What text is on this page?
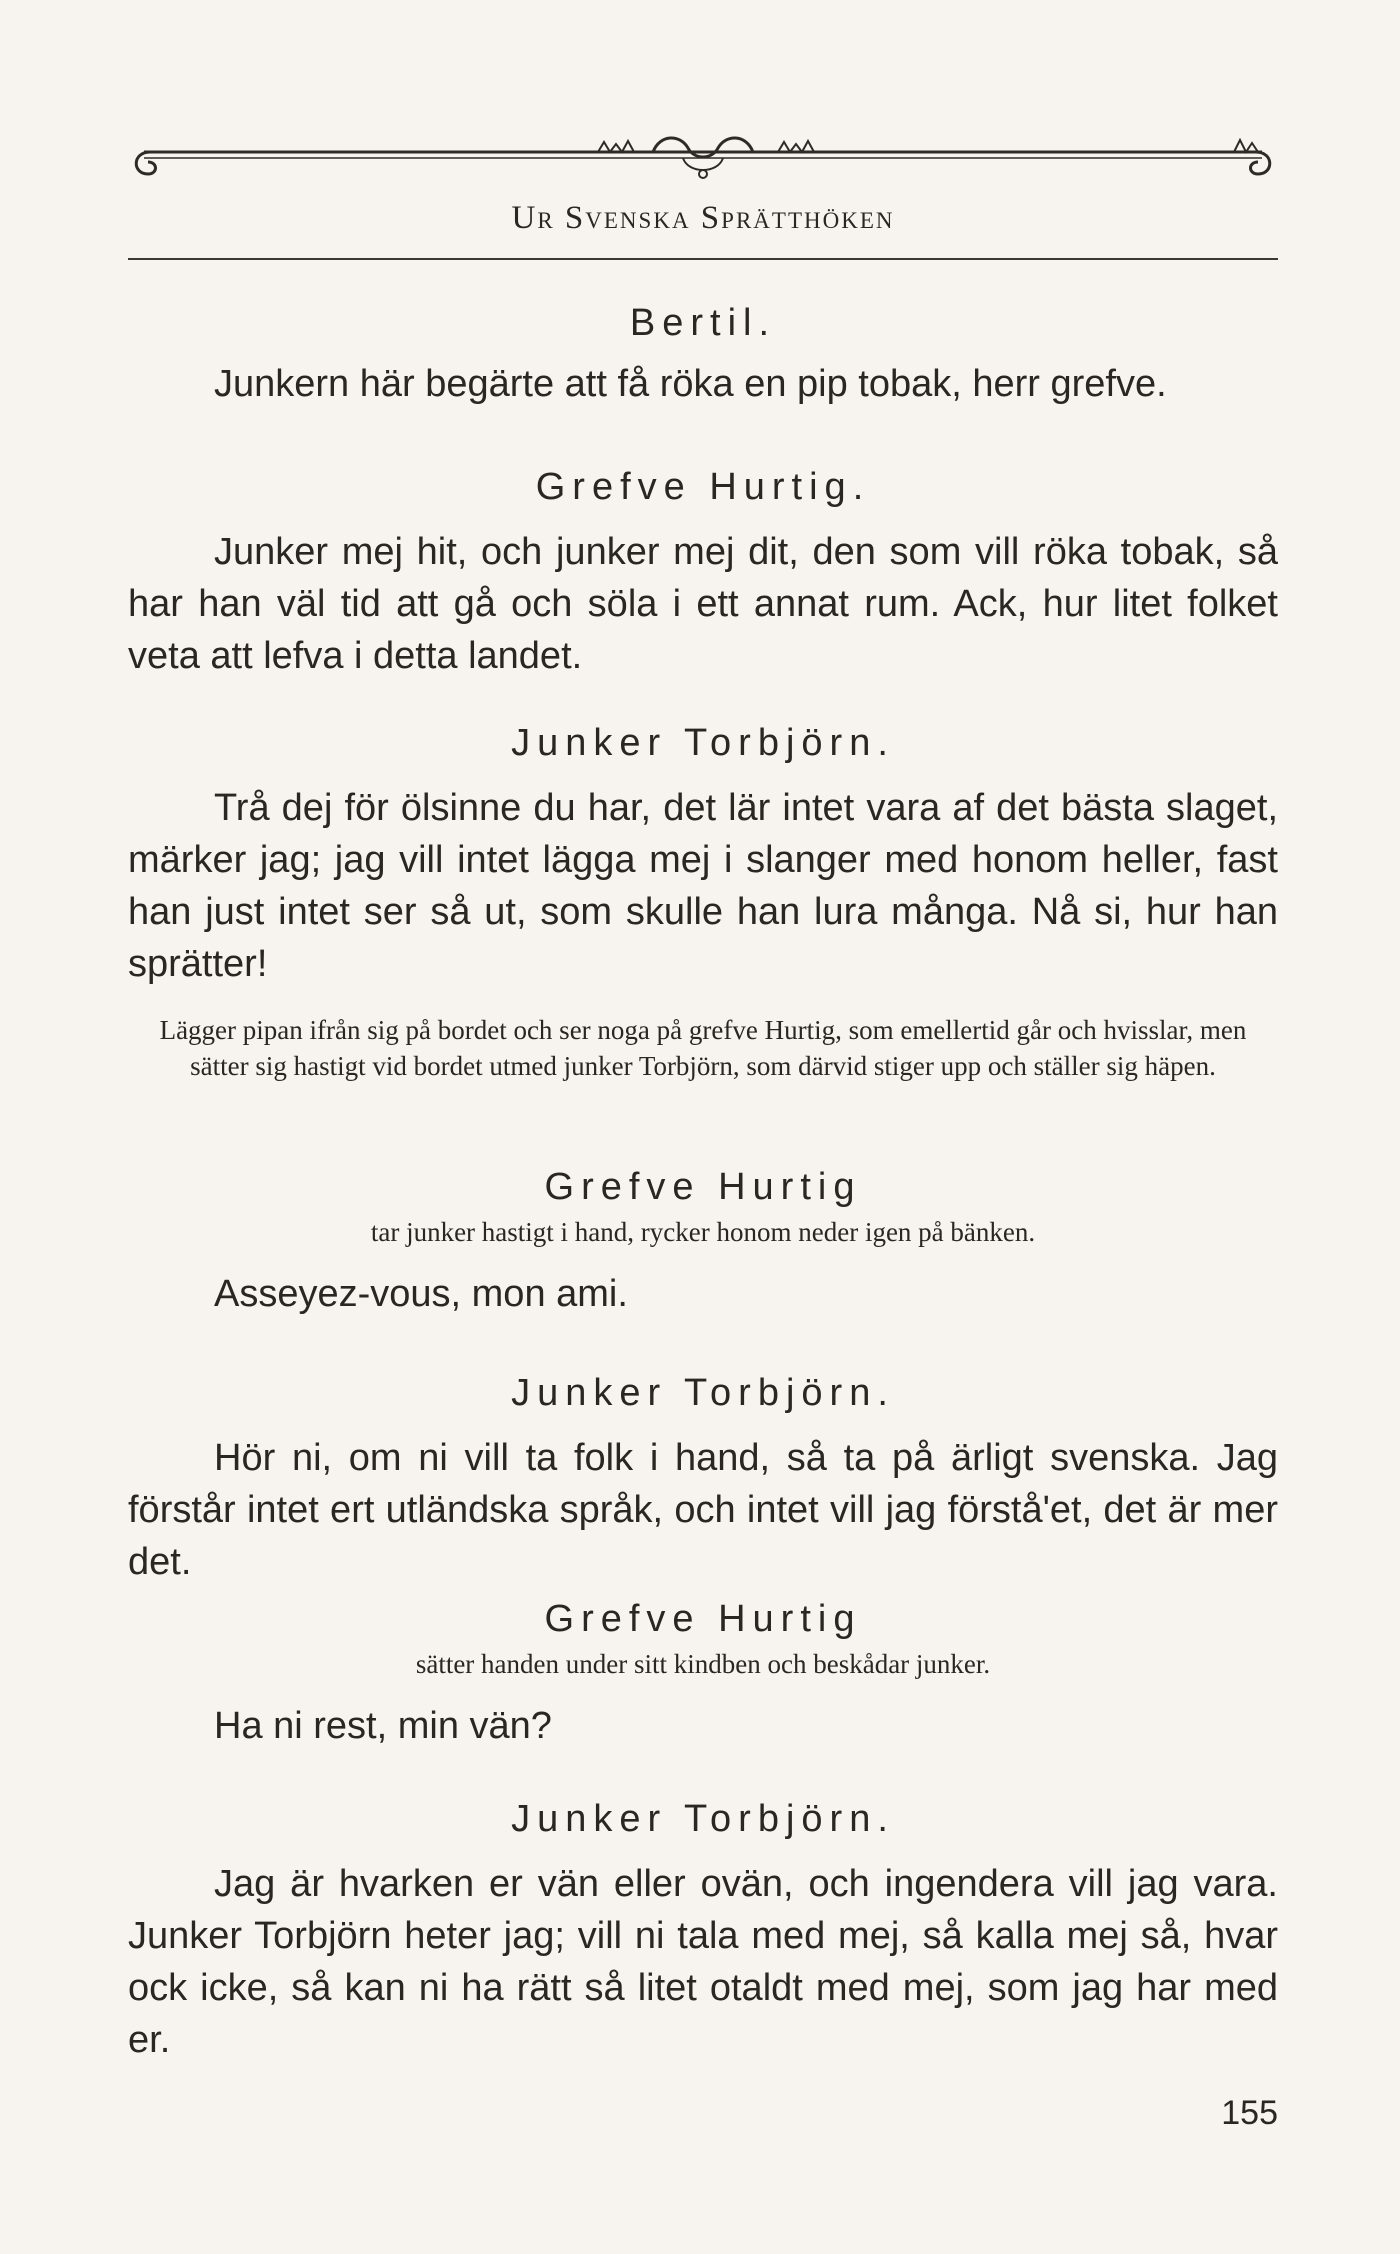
Ur Svenska Sprätthöken
Bertil.

Junkern här begärte att få röka en pip tobak, herr grefve.

Grefve Hurtig.

Junker mej hit, och junker mej dit, den som vill röka tobak, så har han väl tid att gå och söla i ett annat rum. Ack, hur litet folket veta att lefva i detta landet.

Junker Torbjörn.

Trå dej för ölsinne du har, det lär intet vara af det bästa slaget, märker jag; jag vill intet lägga mej i slanger med honom heller, fast han just intet ser så ut, som skulle han lura många. Nå si, hur han sprätter!

Lägger pipan ifrån sig på bordet och ser noga på grefve Hurtig, som emellertid går och hvisslar, men sätter sig hastigt vid bordet utmed junker Torbjörn, som därvid stiger upp och ställer sig häpen.

Grefve Hurtig

tar junker hastigt i hand, rycker honom neder igen på bänken.

Asseyez-vous, mon ami.

Junker Torbjörn.

Hör ni, om ni vill ta folk i hand, så ta på ärligt svenska. Jag förstår intet ert utländska språk, och intet vill jag förstå'et, det är mer det.

Grefve Hurtig

sätter handen under sitt kindben och beskådar junker.

Ha ni rest, min vän?

Junker Torbjörn.

Jag är hvarken er vän eller ovän, och ingendera vill jag vara. Junker Torbjörn heter jag; vill ni tala med mej, så kalla mej så, hvar ock icke, så kan ni ha rätt så litet otaldt med mej, som jag har med er.

155
